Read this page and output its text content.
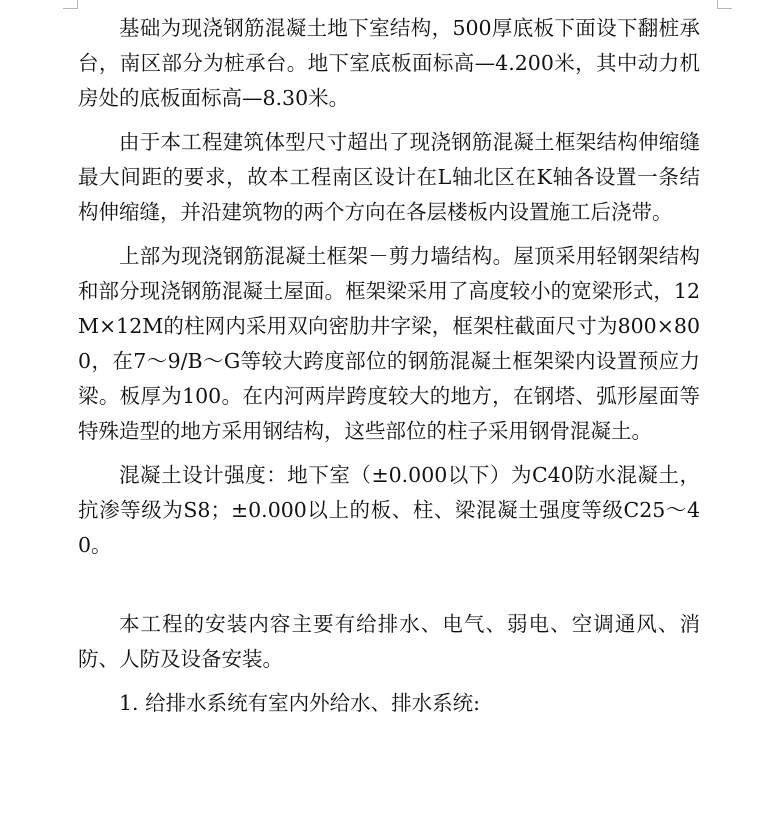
基础为现浇钢筋混凝土地下室结构，500厚底板下面设下翻桩承台，南区部分为桩承台。地下室底板面标高—4.200米，其中动力机房处的底板面标高—8.30米。

由于本工程建筑体型尺寸超出了现浇钢筋混凝土框架结构伸缩缝最大间距的要求，故本工程南区设计在L轴北区在K轴各设置一条结构伸缩缝，并沿建筑物的两个方向在各层楼板内设置施工后浇带。

上部为现浇钢筋混凝土框架－剪力墙结构。屋顶采用轻钢架结构和部分现浇钢筋混凝土屋面。框架梁采用了高度较小的宽梁形式，12M×12M的柱网内采用双向密肋井字梁，框架柱截面尺寸为800×800，在7～9/B～G等较大跨度部位的钢筋混凝土框架梁内设置预应力梁。板厚为100。在内河两岸跨度较大的地方，在钢塔、弧形屋面等特殊造型的地方采用钢结构，这些部位的柱子采用钢骨混凝土。

混凝土设计强度：地下室（±0.000以下）为C40防水混凝土，抗渗等级为S8；±0.000以上的板、柱、梁混凝土强度等级C25～40。

本工程的安装内容主要有给排水、电气、弱电、空调通风、消防、人防及设备安装。

1. 给排水系统有室内外给水、排水系统:
